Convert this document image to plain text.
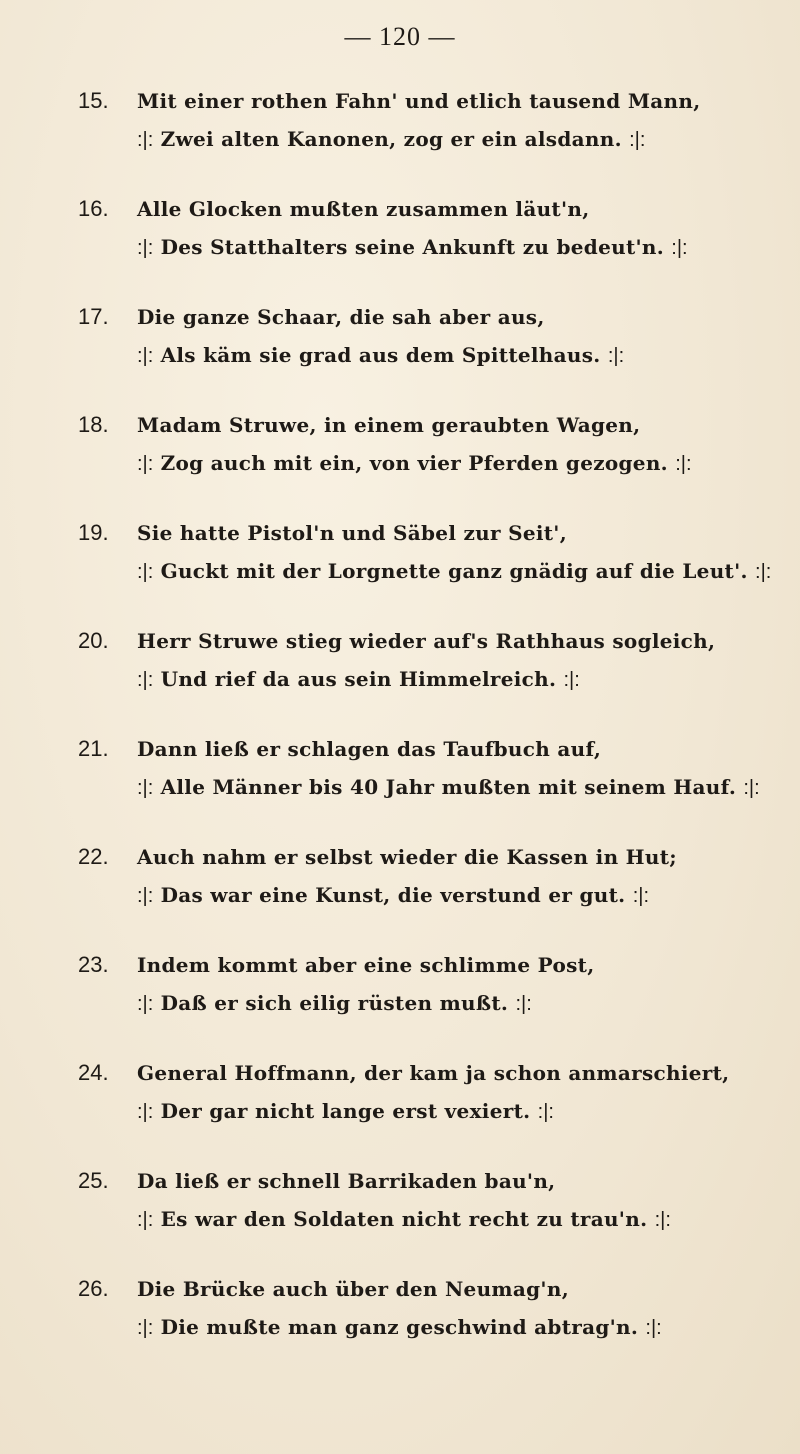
— 120 —
15. Mit einer rothen Fahn' und etlich tausend Mann,
:|: Zwei alten Kanonen, zog er ein alsdann. :|:
16. Alle Glocken mußten zusammen läut'n,
:|: Des Statthalters seine Ankunft zu bedeut'n. :|:
17. Die ganze Schaar, die sah aber aus,
:|: Als käm sie grad aus dem Spittelhaus. :|:
18. Madam Struwe, in einem geraubten Wagen,
:|: Zog auch mit ein, von vier Pferden gezogen. :|:
19. Sie hatte Pistol'n und Säbel zur Seit',
:|: Guckt mit der Lorgnette ganz gnädig auf die Leut'. :|:
20. Herr Struwe stieg wieder auf's Rathhaus sogleich,
:|: Und rief da aus sein Himmelreich. :|:
21. Dann ließ er schlagen das Taufbuch auf,
:|: Alle Männer bis 40 Jahr mußten mit seinem Hauf. :|:
22. Auch nahm er selbst wieder die Kassen in Hut;
:|: Das war eine Kunst, die verstund er gut. :|:
23. Indem kommt aber eine schlimme Post,
:|: Daß er sich eilig rüsten mußt. :|:
24. General Hoffmann, der kam ja schon anmarschiert,
:|: Der gar nicht lange erst vexiert. :|:
25. Da ließ er schnell Barrikaden bau'n,
:|: Es war den Soldaten nicht recht zu trau'n. :|:
26. Die Brücke auch über den Neumag'n,
:|: Die mußte man ganz geschwind abtrag'n. :|:
